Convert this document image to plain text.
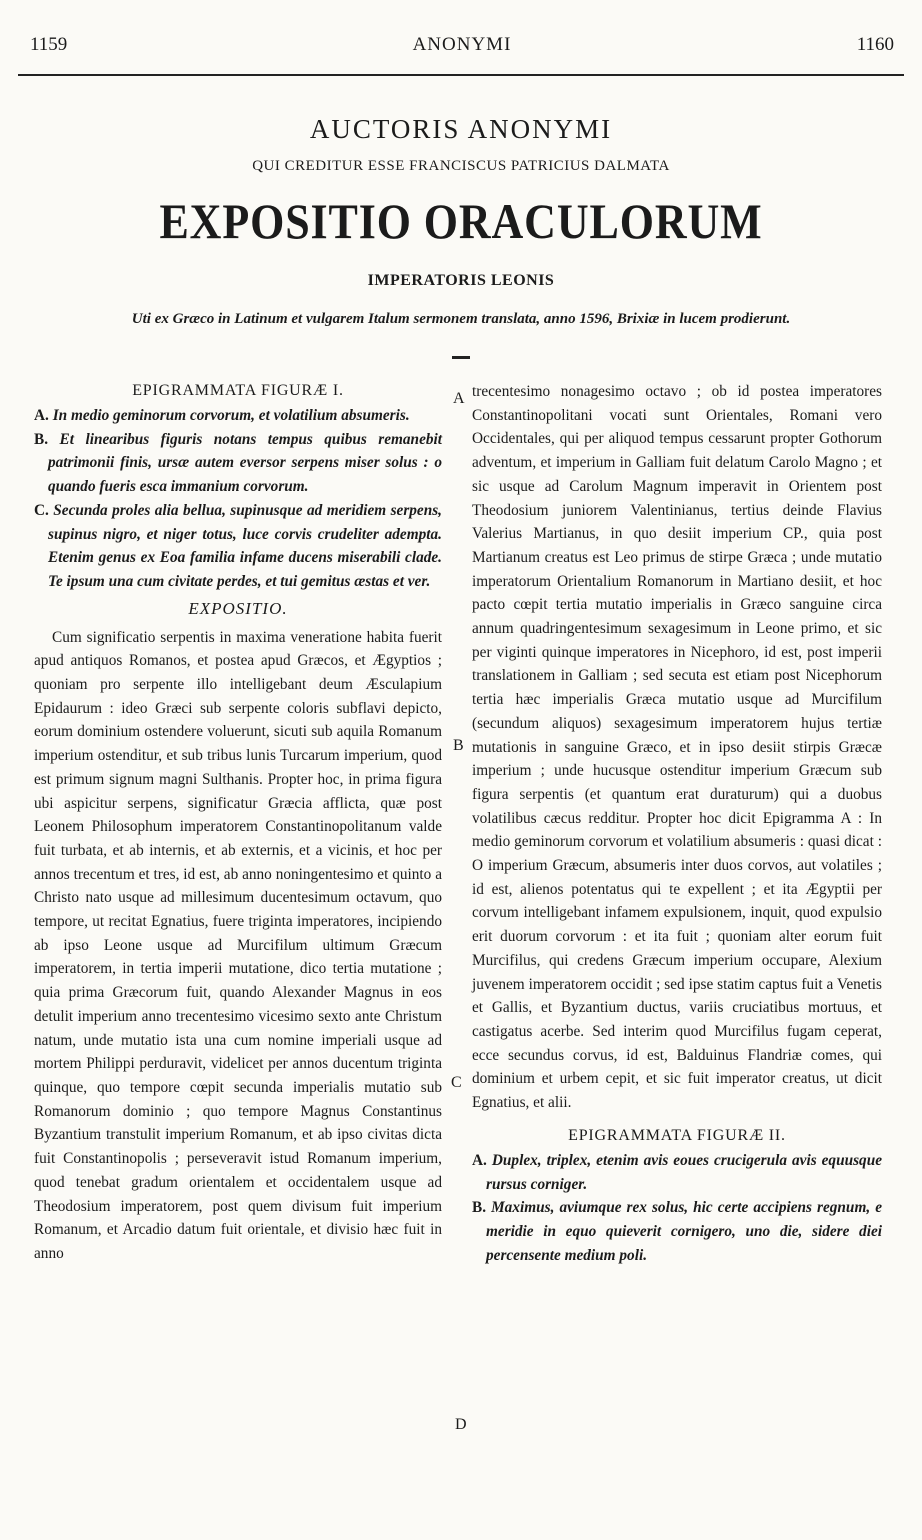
1159	ANONYMI	1160
AUCTORIS ANONYMI
QUI CREDITUR ESSE FRANCISCUS PATRICIUS DALMATA
EXPOSITIO ORACULORUM
IMPERATORIS LEONIS
Uti ex Græco in Latinum et vulgarem Italum sermonem translata, anno 1596, Brixiæ in lucem prodierunt.

EPIGRAMMATA FIGURÆ I.

A. In medio geminorum corvorum, et volatilium absumeris.

B. Et linearibus figuris notans tempus quibus remanebit patrimonii finis, ursæ autem eversor serpens miser solus : o quando fueris esca immanium corvorum.

C. Secunda proles alia bellua, supinusque ad meridiem serpens, supinus nigro, et niger totus, luce corvis crudeliter adempta. Etenim genus ex Eoa familia infame ducens miserabili clade. Te ipsum una cum civitate perdes, et tui gemitus æstas et ver.

EXPOSITIO.

Cum significatio serpentis in maxima veneratione habita fuerit apud antiquos Romanos, et postea apud Græcos, et Ægyptios ; quoniam pro serpente illo intelligebant deum Æsculapium Epidaurum : ideo Græci sub serpente coloris subflavi depicto, eorum dominium ostendere voluerunt, sicuti sub aquila Romanum imperium ostenditur, et sub tribus lunis Turcarum imperium, quod est primum signum magni Sulthanis. Propter hoc, in prima figura ubi aspicitur serpens, significatur Græcia afflicta, quæ post Leonem Philosophum imperatorem Constantinopolitanum valde fuit turbata, et ab internis, et ab externis, et a vicinis, et hoc per annos trecentum et tres, id est, ab anno noningentesimo et quinto a Christo nato usque ad millesimum ducentesimum octavum, quo tempore, ut recitat Egnatius, fuere triginta imperatores, incipiendo ab ipso Leone usque ad Murcifilum ultimum Græcum imperatorem, in tertia imperii mutatione, dico tertia mutatione ; quia prima Græcorum fuit, quando Alexander Magnus in eos detulit imperium anno trecentesimo vicesimo sexto ante Christum natum, unde mutatio ista una cum nomine imperiali usque ad mortem Philippi perduravit, videlicet per annos ducentum triginta quinque, quo tempore cœpit secunda imperialis mutatio sub Romanorum dominio ; quo tempore Magnus Constantinus Byzantium transtulit imperium Romanum, et ab ipso civitas dicta fuit Constantinopolis ; perseveravit istud Romanum imperium, quod tenebat gradum orientalem et occidentalem usque ad Theodosium imperatorem, post quem divisum fuit imperium Romanum, et Arcadio datum fuit orientale, et divisio hæc fuit in anno

trecentesimo nonagesimo octavo ; ob id postea imperatores Constantinopolitani vocati sunt Orientales, Romani vero Occidentales, qui per aliquod tempus cessarunt propter Gothorum adventum, et imperium in Galliam fuit delatum Carolo Magno ; et sic usque ad Carolum Magnum imperavit in Orientem post Theodosium juniorem Valentinianus, tertius deinde Flavius Valerius Martianus, in quo desiit imperium CP., quia post Martianum creatus est Leo primus de stirpe Græca ; unde mutatio imperatorum Orientalium Romanorum in Martiano desiit, et hoc pacto cœpit tertia mutatio imperialis in Græco sanguine circa annum quadringentesimum sexagesimum in Leone primo, et sic per viginti quinque imperatores in Nicephoro, id est, post imperii translationem in Galliam ; sed secuta est etiam post Nicephorum tertia hæc imperialis Græca mutatio usque ad Murcifilum (secundum aliquos) sexagesimum imperatorem hujus tertiæ mutationis in sanguine Græco, et in ipso desiit stirpis Græcæ imperium ; unde hucusque ostenditur imperium Græcum sub figura serpentis (et quantum erat duraturum) qui a duobus volatilibus cæcus redditur. Propter hoc dicit Epigramma A : In medio geminorum corvorum et volatilium absumeris : quasi dicat : O imperium Græcum, absumeris inter duos corvos, aut volatiles ; id est, alienos potentatus qui te expellent ; et ita Ægyptii per corvum intelligebant infamem expulsionem, inquit, quod expulsio erit duorum corvorum : et ita fuit ; quoniam alter eorum fuit Murcifilus, qui credens Græcum imperium occupare, Alexium juvenem imperatorem occidit ; sed ipse statim captus fuit a Venetis et Gallis, et Byzantium ductus, variis cruciatibus mortuus, et castigatus acerbe. Sed interim quod Murcifilus fugam ceperat, ecce secundus corvus, id est, Balduinus Flandriæ comes, qui dominium et urbem cepit, et sic fuit imperator creatus, ut dicit Egnatius, et alii.

EPIGRAMMATA FIGURÆ II.

A. Duplex, triplex, etenim avis eoues crucigerula avis equusque rursus corniger.

B. Maximus, aviumque rex solus, hic certe accipiens regnum, e meridie in equo quieverit cornigero, uno die, sidere diei percensente medium poli.

A
B
C
D
